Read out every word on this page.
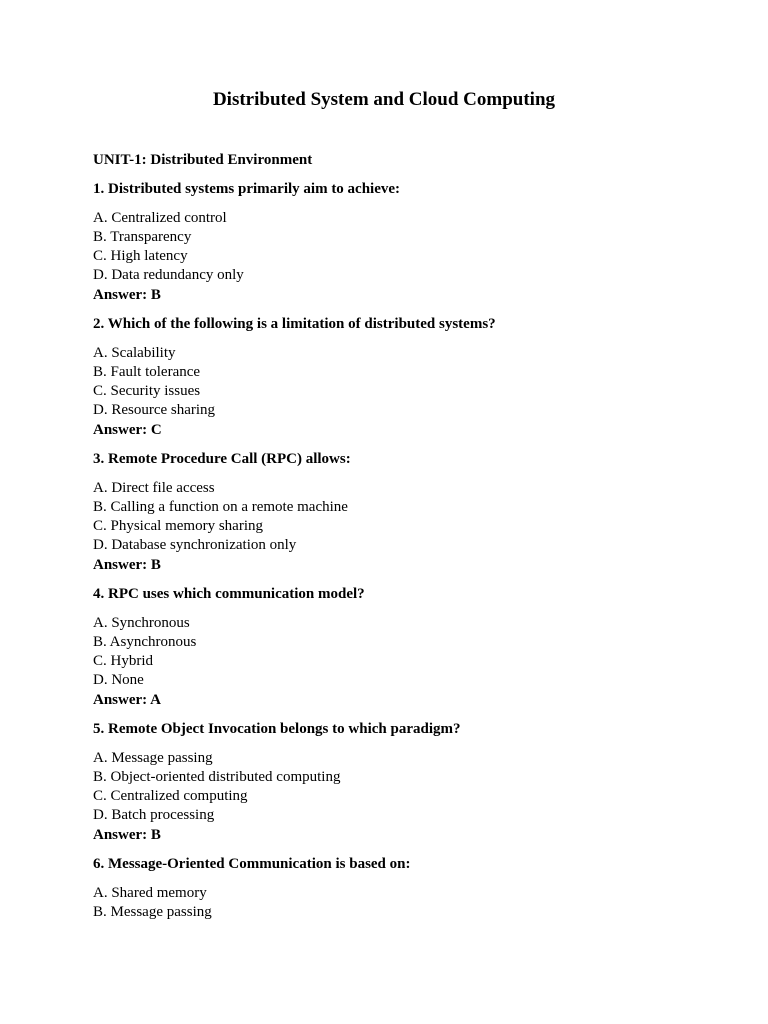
Distributed System and Cloud Computing
UNIT-1: Distributed Environment
1. Distributed systems primarily aim to achieve:
A. Centralized control
B. Transparency
C. High latency
D. Data redundancy only
Answer: B
2. Which of the following is a limitation of distributed systems?
A. Scalability
B. Fault tolerance
C. Security issues
D. Resource sharing
Answer: C
3. Remote Procedure Call (RPC) allows:
A. Direct file access
B. Calling a function on a remote machine
C. Physical memory sharing
D. Database synchronization only
Answer: B
4. RPC uses which communication model?
A. Synchronous
B. Asynchronous
C. Hybrid
D. None
Answer: A
5. Remote Object Invocation belongs to which paradigm?
A. Message passing
B. Object-oriented distributed computing
C. Centralized computing
D. Batch processing
Answer: B
6. Message-Oriented Communication is based on:
A. Shared memory
B. Message passing
